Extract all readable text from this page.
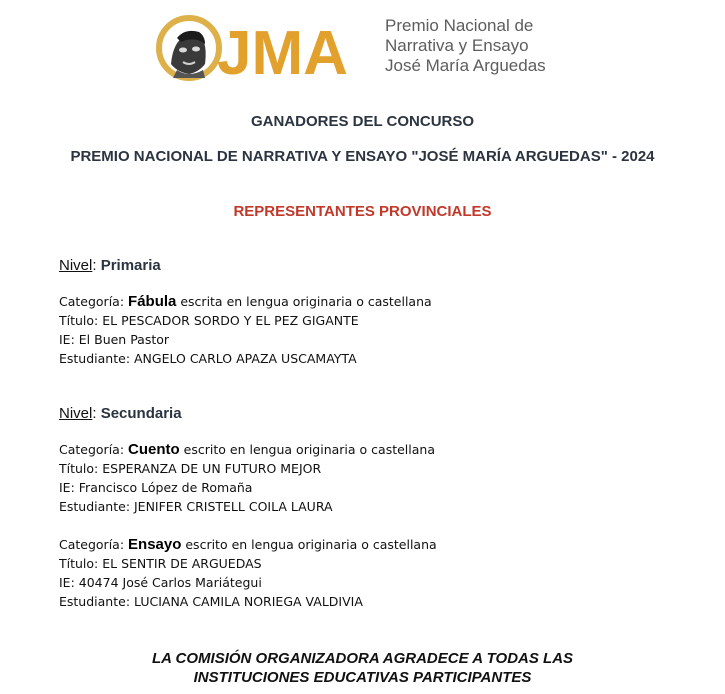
JMA Premio Nacional de
Narrativa y Ensayo
José María Arguedas
GANADORES DEL CONCURSO
PREMIO NACIONAL DE NARRATIVA Y ENSAYO "JOSÉ MARÍA ARGUEDAS" - 2024
REPRESENTANTES PROVINCIALES
Nivel: Primaria
Categoría: Fábula escrita en lengua originaria o castellana
Título: EL PESCADOR SORDO Y EL PEZ GIGANTE
IE: El Buen Pastor
Estudiante: ANGELO CARLO APAZA USCAMAYTA
Nivel: Secundaria
Categoría: Cuento escrito en lengua originaria o castellana
Título: ESPERANZA DE UN FUTURO MEJOR
IE: Francisco López de Romaña
Estudiante: JENIFER CRISTELL COILA LAURA
Categoría: Ensayo escrito en lengua originaria o castellana
Título: EL SENTIR DE ARGUEDAS
IE: 40474 José Carlos Mariátegui
Estudiante: LUCIANA CAMILA NORIEGA VALDIVIA
LA COMISIÓN ORGANIZADORA AGRADECE A TODAS LAS
INSTITUCIONES EDUCATIVAS PARTICIPANTES
